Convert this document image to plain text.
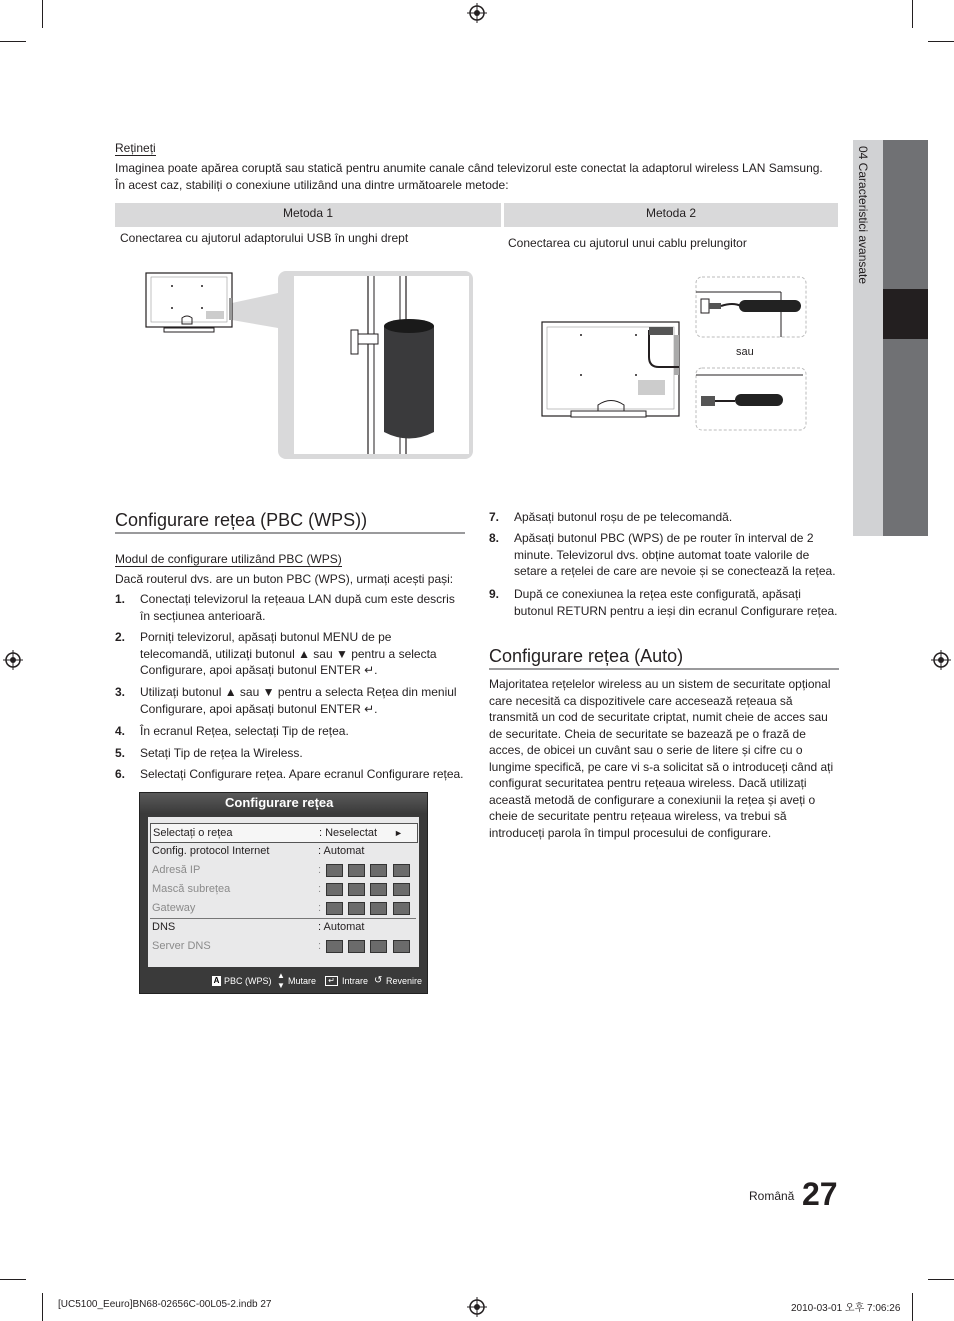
04 Caracteristici avansate
Rețineți
Imaginea poate apărea coruptă sau statică pentru anumite canale când televizorul este conectat la adaptorul wireless LAN Samsung. În acest caz, stabiliți o conexiune utilizând una dintre următoarele metode:
Metoda 1	Metoda 2
Conectarea cu ajutorul adaptorului USB în unghi drept	Conectarea cu ajutorul unui cablu prelungitor
sau
Configurare rețea (PBC (WPS))
Modul de configurare utilizând PBC (WPS)
Dacă routerul dvs. are un buton PBC (WPS), urmați acești pași:
1. Conectați televizorul la rețeaua LAN după cum este descris în secțiunea anterioară.
2. Porniți televizorul, apăsați butonul MENU de pe telecomandă, utilizați butonul ▲ sau ▼ pentru a selecta Configurare, apoi apăsați butonul ENTER ↵.
3. Utilizați butonul ▲ sau ▼ pentru a selecta Rețea din meniul Configurare, apoi apăsați butonul ENTER ↵.
4. În ecranul Rețea, selectați Tip de rețea.
5. Setați Tip de rețea la Wireless.
6. Selectați Configurare rețea. Apare ecranul Configurare rețea.
Configurare rețea
Selectați o rețea	: Neselectat ►
Config. protocol Internet	: Automat
Adresă IP	:
Mască subrețea	:
Gateway	:
DNS	: Automat
Server DNS	:
A PBC (WPS)
▲
▼ Mutare	↵ Intrare ↺ Revenire
7. Apăsați butonul roșu de pe telecomandă.
8. Apăsați butonul PBC (WPS) de pe router în interval de 2 minute. Televizorul dvs. obține automat toate valorile de setare a rețelei de care are nevoie și se conectează la rețea.
9. După ce conexiunea la rețea este configurată, apăsați butonul RETURN pentru a ieși din ecranul Configurare rețea.
Configurare rețea (Auto)
Majoritatea rețelelor wireless au un sistem de securitate opțional care necesită ca dispozitivele care accesează rețeaua să transmită un cod de securitate criptat, numit cheie de acces sau de securitate. Cheia de securitate se bazează pe o frază de acces, de obicei un cuvânt sau o serie de litere și cifre cu o lungime specifică, pe care vi s-a solicitat să o introduceți când ați configurat securitatea pentru rețeaua wireless. Dacă utilizați această metodă de configurare a conexiunii la rețea și aveți o cheie de securitate pentru rețeaua wireless, va trebui să introduceți parola în timpul procesului de configurare.
Română 27
[UC5100_Eeuro]BN68-02656C-00L05-2.indb 27	2010-03-01 오후 7:06:26
